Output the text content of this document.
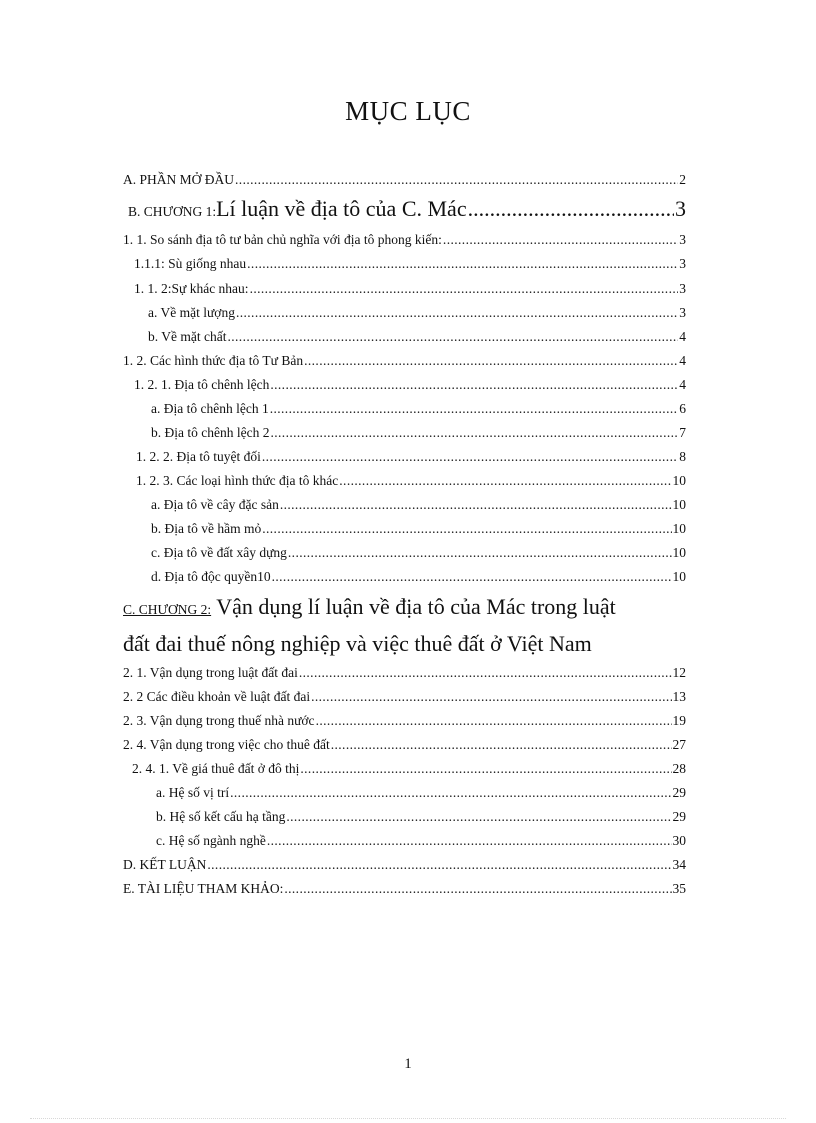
MỤC LỤC
A. PHẦN MỞ ĐẦU .....	2
B. CHƯƠNG 1:Lí luận về địa tô của C. Mác .....	3
1. 1. So sánh địa tô tư bản chủ nghĩa với địa tô phong kiến: .....	3
1.1.1: Sù giống nhau .....	3
1. 1. 2:Sự khác nhau: .....	3
a. Về mặt lượng .....	3
b. Về mặt chất .....	4
1. 2. Các hình thức địa tô Tư Bản .....	4
1. 2. 1. Địa tô chênh lệch .....	4
a. Địa tô chênh lệch 1 .....	6
b. Địa tô chênh lệch 2 .....	7
1. 2. 2. Địa tô tuyệt đối .....	8
1. 2. 3. Các loại hình thức địa tô khác .....	10
a. Địa tô về cây đặc sản .....	10
b. Địa tô về hầm mỏ .....	10
c. Địa tô về đất xây dựng .....	10
d. Địa tô độc quyền10 .....	10
2. 1. Vận dụng trong luật đất đai .....	12
2. 2 Các điều khoản về luật đất đai .....	13
2. 3. Vận dụng trong thuế nhà nước .....	19
2. 4. Vận dụng trong việc cho thuê đất .....	27
2. 4. 1. Về giá thuê đất ở đô thị .....	28
a. Hệ số vị trí .....	29
b. Hệ số kết cấu hạ tầng .....	29
c. Hệ số ngành nghề .....	30
D. KẾT LUẬN .....	34
E. TÀI LIỆU THAM KHẢO: .....	35
C. CHƯƠNG 2: Vận dụng lí luận về địa tô của Mác trong luật
đất đai thuế nông nghiệp và việc thuê đất ở Việt Nam
1
